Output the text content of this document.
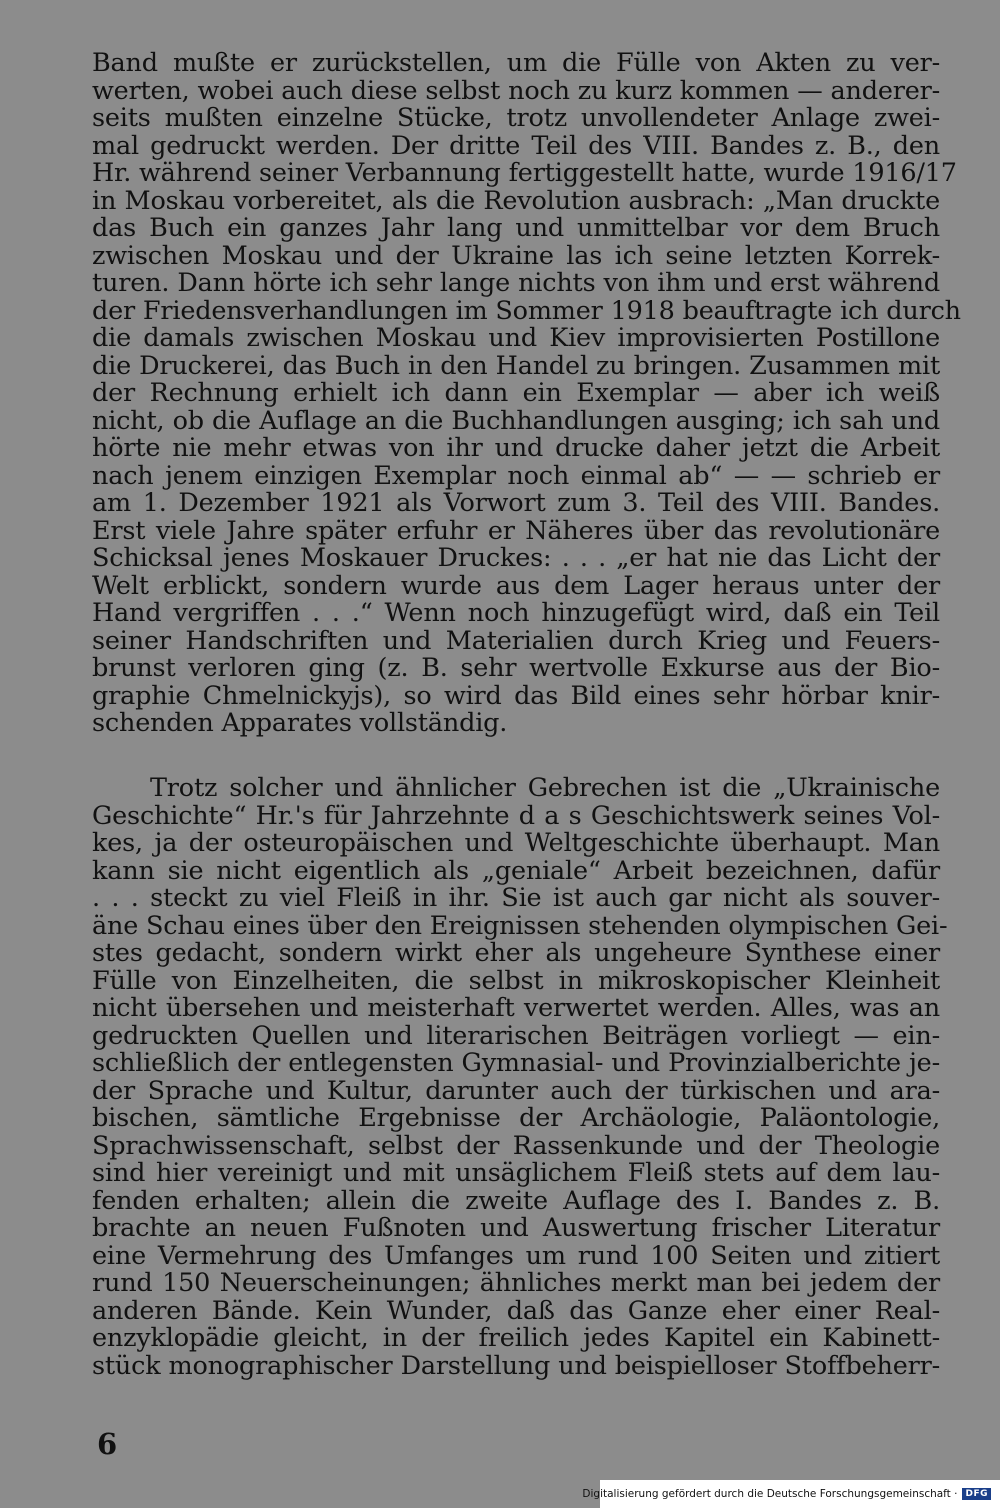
Band mußte er zurückstellen, um die Fülle von Akten zu ver-
werten, wobei auch diese selbst noch zu kurz kommen — anderer-
seits mußten einzelne Stücke, trotz unvollendeter Anlage zwei-
mal gedruckt werden. Der dritte Teil des VIII. Bandes z. B., den
Hr. während seiner Verbannung fertiggestellt hatte, wurde 1916/17
in Moskau vorbereitet, als die Revolution ausbrach: „Man druckte
das Buch ein ganzes Jahr lang und unmittelbar vor dem Bruch
zwischen Moskau und der Ukraine las ich seine letzten Korrek-
turen. Dann hörte ich sehr lange nichts von ihm und erst während
der Friedensverhandlungen im Sommer 1918 beauftragte ich durch
die damals zwischen Moskau und Kiev improvisierten Postillone
die Druckerei, das Buch in den Handel zu bringen. Zusammen mit
der Rechnung erhielt ich dann ein Exemplar — aber ich weiß
nicht, ob die Auflage an die Buchhandlungen ausging; ich sah und
hörte nie mehr etwas von ihr und drucke daher jetzt die Arbeit
nach jenem einzigen Exemplar noch einmal ab“ — — schrieb er
am 1. Dezember 1921 als Vorwort zum 3. Teil des VIII. Bandes.
Erst viele Jahre später erfuhr er Näheres über das revolutionäre
Schicksal jenes Moskauer Druckes: . . . „er hat nie das Licht der
Welt erblickt, sondern wurde aus dem Lager heraus unter der
Hand vergriffen . . .“ Wenn noch hinzugefügt wird, daß ein Teil
seiner Handschriften und Materialien durch Krieg und Feuers-
brunst verloren ging (z. B. sehr wertvolle Exkurse aus der Bio-
graphie Chmelnickyjs), so wird das Bild eines sehr hörbar knir-
schenden Apparates vollständig.
Trotz solcher und ähnlicher Gebrechen ist die „Ukrainische
Geschichte“ Hr.'s für Jahrzehnte d a s Geschichtswerk seines Vol-
kes, ja der osteuropäischen und Weltgeschichte überhaupt. Man
kann sie nicht eigentlich als „geniale“ Arbeit bezeichnen, dafür
. . . steckt zu viel Fleiß in ihr. Sie ist auch gar nicht als souver-
äne Schau eines über den Ereignissen stehenden olympischen Gei-
stes gedacht, sondern wirkt eher als ungeheure Synthese einer
Fülle von Einzelheiten, die selbst in mikroskopischer Kleinheit
nicht übersehen und meisterhaft verwertet werden. Alles, was an
gedruckten Quellen und literarischen Beiträgen vorliegt — ein-
schließlich der entlegensten Gymnasial- und Provinzialberichte je-
der Sprache und Kultur, darunter auch der türkischen und ara-
bischen, sämtliche Ergebnisse der Archäologie, Paläontologie,
Sprachwissenschaft, selbst der Rassenkunde und der Theologie
sind hier vereinigt und mit unsäglichem Fleiß stets auf dem lau-
fenden erhalten; allein die zweite Auflage des I. Bandes z. B.
brachte an neuen Fußnoten und Auswertung frischer Literatur
eine Vermehrung des Umfanges um rund 100 Seiten und zitiert
rund 150 Neuerscheinungen; ähnliches merkt man bei jedem der
anderen Bände. Kein Wunder, daß das Ganze eher einer Real-
enzyklopädie gleicht, in der freilich jedes Kapitel ein Kabinett-
stück monographischer Darstellung und beispielloser Stoffbeherr-
6
Digitalisierung gefördert durch die Deutsche Forschungsgemeinschaft · DFG
